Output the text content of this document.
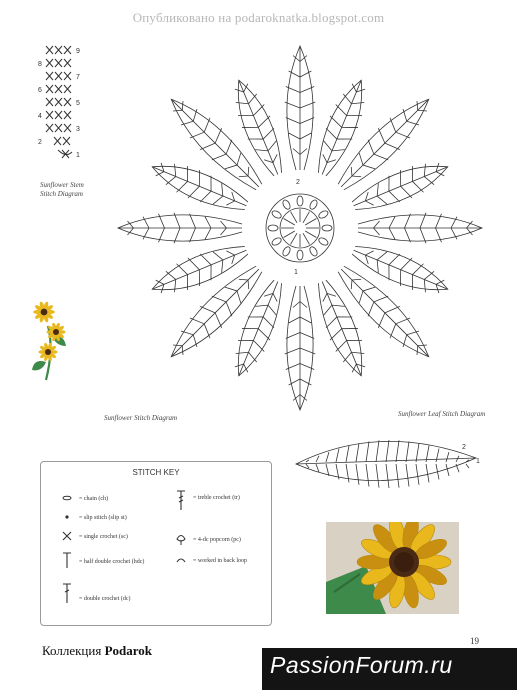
Опубликовано на podaroknatka.blogspot.com
9
8
7
6
5
4
3
2
1
Sunflower Stem
Stitch Diagram
2
1
Sunflower Stitch Diagram
2
1
Sunflower Leaf Stitch Diagram
STITCH KEY
= chain (ch)
= slip stitch (slip st)
= single crochet (sc)
= half double crochet (hdc)
= double crochet (dc)
= treble crochet (tr)
= 4-dc popcorn (pc)
= worked in back loop
Коллекция Podarok
19
PassionForum.ru
